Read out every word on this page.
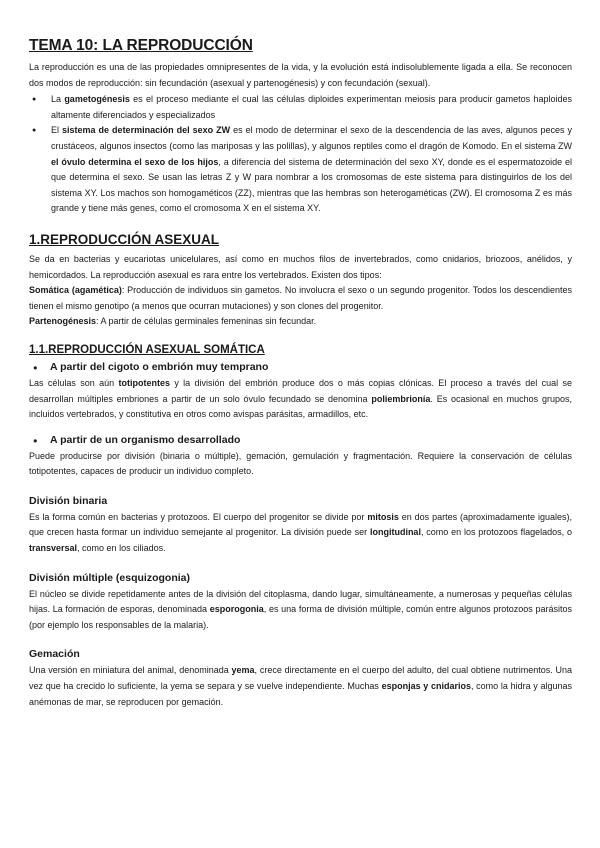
TEMA 10: LA REPRODUCCIÓN

La reproducción es una de las propiedades omnipresentes de la vida, y la evolución está indisolublemente ligada a ella. Se reconocen dos modos de reproducción: sin fecundación (asexual y partenogénesis) y con fecundación (sexual).

● La gametogénesis es el proceso mediante el cual las células diploides experimentan meiosis para producir gametos haploides altamente diferenciados y especializados
● El sistema de determinación del sexo ZW es el modo de determinar el sexo de la descendencia de las aves, algunos peces y crustáceos, algunos insectos (como las mariposas y las polillas), y algunos reptiles como el dragón de Komodo. En el sistema ZW el óvulo determina el sexo de los hijos, a diferencia del sistema de determinación del sexo XY, donde es el espermatozoide el que determina el sexo. Se usan las letras Z y W para nombrar a los cromosomas de este sistema para distinguirlos de los del sistema XY. Los machos son homogaméticos (ZZ), mientras que las hembras son heterogaméticas (ZW). El cromosoma Z es más grande y tiene más genes, como el cromosoma X en el sistema XY.
1.REPRODUCCIÓN ASEXUAL

Se da en bacterias y eucariotas unicelulares, así como en muchos filos de invertebrados, como cnidarios, briozoos, anélidos, y hemicordados. La reproducción asexual es rara entre los vertebrados. Existen dos tipos:

Somática (agamética): Producción de individuos sin gametos. No involucra el sexo o un segundo progenitor. Todos los descendientes tienen el mismo genotipo (a menos que ocurran mutaciones) y son clones del progenitor.

Partenogénesis: A partir de células germinales femeninas sin fecundar.

1.1.REPRODUCCIÓN ASEXUAL SOMÁTICA
● A partir del cigoto o embrión muy temprano

Las células son aún totipotentes y la división del embrión produce dos o más copias clónicas. El proceso a través del cual se desarrollan múltiples embriones a partir de un solo óvulo fecundado se denomina poliembrionía. Es ocasional en muchos grupos, incluidos vertebrados, y constitutiva en otros como avispas parásitas, armadillos, etc.

● A partir de un organismo desarrollado

Puede producirse por división (binaria o múltiple), gemación, gemulación y fragmentación. Requiere la conservación de células totipotentes, capaces de producir un individuo completo.

División binaria

Es la forma común en bacterias y protozoos. El cuerpo del progenitor se divide por mitosis en dos partes (aproximadamente iguales), que crecen hasta formar un individuo semejante al progenitor. La división puede ser longitudinal, como en los protozoos flagelados, o transversal, como en los ciliados.

División múltiple (esquizogonia)

El núcleo se divide repetidamente antes de la división del citoplasma, dando lugar, simultáneamente, a numerosas y pequeñas células hijas. La formación de esporas, denominada esporogonia, es una forma de división múltiple, común entre algunos protozoos parásitos (por ejemplo los responsables de la malaria).

Gemación

Una versión en miniatura del animal, denominada yema, crece directamente en el cuerpo del adulto, del cual obtiene nutrimentos. Una vez que ha crecido lo suficiente, la yema se separa y se vuelve independiente. Muchas esponjas y cnidarios, como la hidra y algunas anémonas de mar, se reproducen por gemación.
